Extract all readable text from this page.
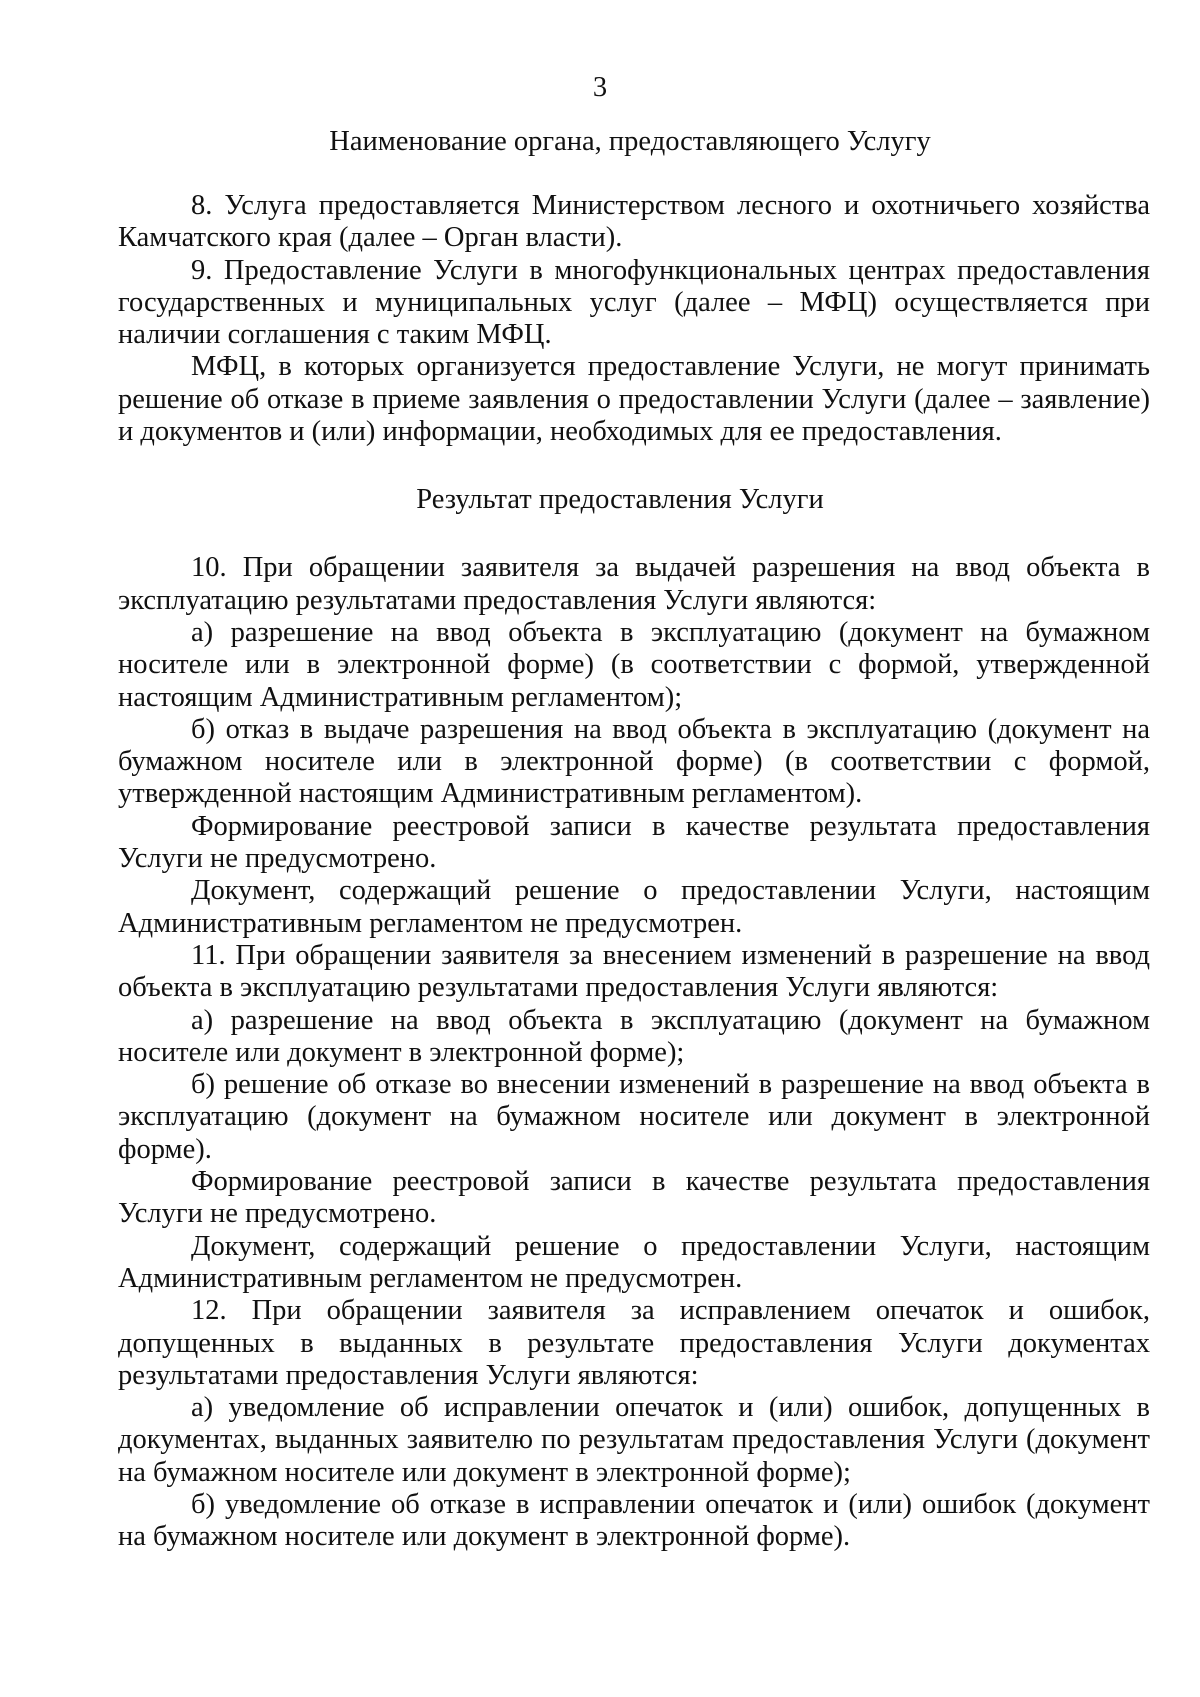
3
Наименование органа, предоставляющего Услугу
Результат предоставления Услуги

8. Услуга предоставляется Министерством лесного и охотничьего хозяйства Камчатского края (далее – Орган власти).

9. Предоставление Услуги в многофункциональных центрах предоставления государственных и муниципальных услуг (далее – МФЦ) осуществляется при наличии соглашения с таким МФЦ.

МФЦ, в которых организуется предоставление Услуги, не могут принимать решение об отказе в приеме заявления о предоставлении Услуги (далее – заявление) и документов и (или) информации, необходимых для ее предоставления.

10. При обращении заявителя за выдачей разрешения на ввод объекта в эксплуатацию результатами предоставления Услуги являются:

а) разрешение на ввод объекта в эксплуатацию (документ на бумажном носителе или в электронной форме) (в соответствии с формой, утвержденной настоящим Административным регламентом);

б) отказ в выдаче разрешения на ввод объекта в эксплуатацию (документ на бумажном носителе или в электронной форме) (в соответствии с формой, утвержденной настоящим Административным регламентом).

Формирование реестровой записи в качестве результата предоставления Услуги не предусмотрено.

Документ, содержащий решение о предоставлении Услуги, настоящим Административным регламентом не предусмотрен.

11. При обращении заявителя за внесением изменений в разрешение на ввод объекта в эксплуатацию результатами предоставления Услуги являются:

а) разрешение на ввод объекта в эксплуатацию (документ на бумажном носителе или документ в электронной форме);

б) решение об отказе во внесении изменений в разрешение на ввод объекта в эксплуатацию (документ на бумажном носителе или документ в электронной форме).

Формирование реестровой записи в качестве результата предоставления Услуги не предусмотрено.

Документ, содержащий решение о предоставлении Услуги, настоящим Административным регламентом не предусмотрен.

12. При обращении заявителя за исправлением опечаток и ошибок, допущенных в выданных в результате предоставления Услуги документах результатами предоставления Услуги являются:

а) уведомление об исправлении опечаток и (или) ошибок, допущенных в документах, выданных заявителю по результатам предоставления Услуги (документ на бумажном носителе или документ в электронной форме);

б) уведомление об отказе в исправлении опечаток и (или) ошибок (документ на бумажном носителе или документ в электронной форме).
